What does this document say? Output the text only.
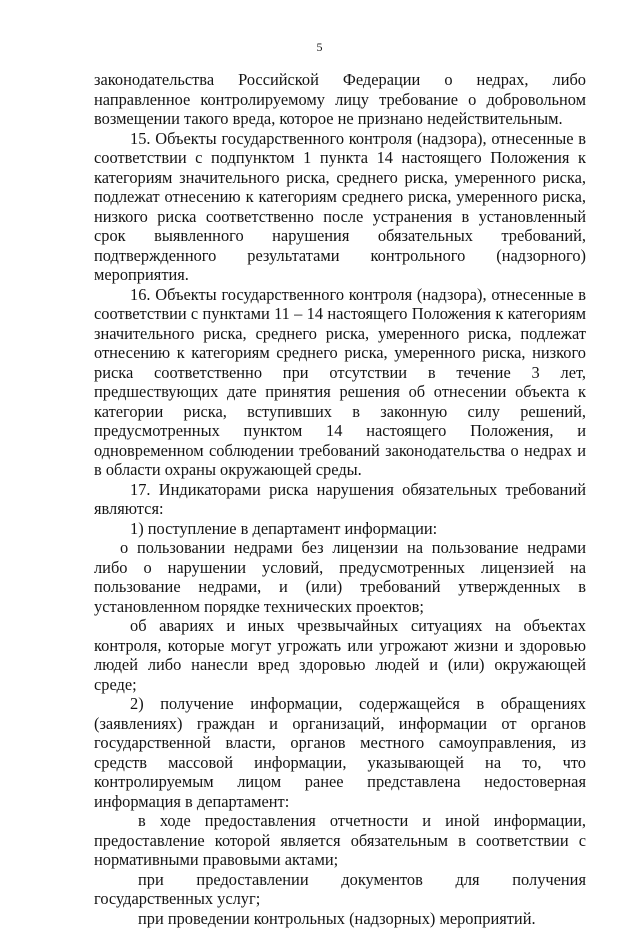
5

законодательства Российской Федерации о недрах, либо направленное контролируемому лицу требование о добровольном возмещении такого вреда, которое не признано недействительным.

15. Объекты государственного контроля (надзора), отнесенные в соответствии с подпунктом 1 пункта 14 настоящего Положения к категориям значительного риска, среднего риска, умеренного риска, подлежат отнесению к категориям среднего риска, умеренного риска, низкого риска соответственно после устранения в установленный срок выявленного нарушения обязательных требований, подтвержденного результатами контрольного (надзорного) мероприятия.

16. Объекты государственного контроля (надзора), отнесенные в соответствии с пунктами 11 – 14 настоящего Положения к категориям значительного риска, среднего риска, умеренного риска, подлежат отнесению к категориям среднего риска, умеренного риска, низкого риска соответственно при отсутствии в течение 3 лет, предшествующих дате принятия решения об отнесении объекта к категории риска, вступивших в законную силу решений, предусмотренных пунктом 14 настоящего Положения, и одновременном соблюдении требований законодательства о недрах и в области охраны окружающей среды.

17. Индикаторами риска нарушения обязательных требований являются:

1) поступление в департамент информации:

о пользовании недрами без лицензии на пользование недрами либо о нарушении условий, предусмотренных лицензией на пользование недрами, и (или) требований утвержденных в установленном порядке технических проектов;

об авариях и иных чрезвычайных ситуациях на объектах контроля, которые могут угрожать или угрожают жизни и здоровью людей либо нанесли вред здоровью людей и (или) окружающей среде;

2) получение информации, содержащейся в обращениях (заявлениях) граждан и организаций, информации от органов государственной власти, органов местного самоуправления, из средств массовой информации, указывающей на то, что контролируемым лицом ранее представлена недостоверная информация в департамент:

в ходе предоставления отчетности и иной информации, предоставление которой является обязательным в соответствии с нормативными правовыми актами;

при предоставлении документов для получения государственных услуг;

при проведении контрольных (надзорных) мероприятий.
